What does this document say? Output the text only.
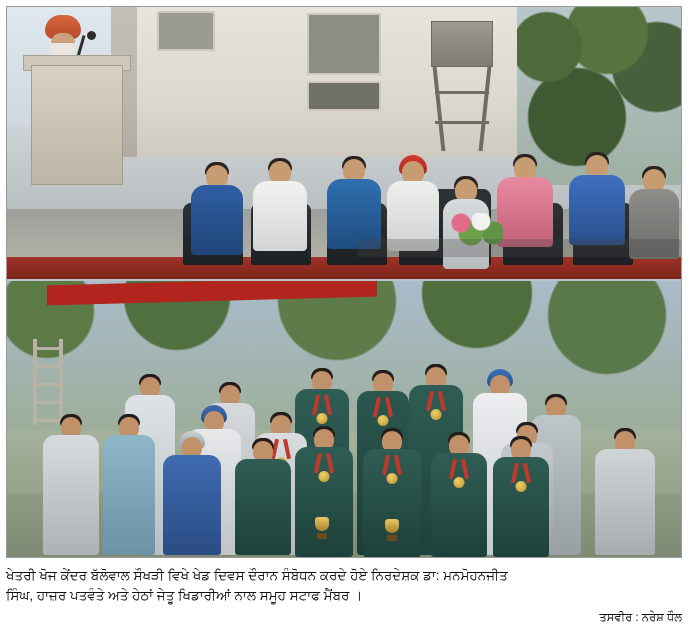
ਖੇਤਰੀ ਖੋਜ ਕੇਂਦਰ ਬੱਲੋਵਾਲ ਸੌਖੜੀ ਵਿਖੇ ਖੇਡ ਦਿਵਸ ਦੌਰਾਨ ਸੰਬੋਧਨ ਕਰਦੇ ਹੋਏ ਨਿਰਦੇਸ਼ਕ ਡਾ: ਮਨਮੋਹਨਜੀਤ
ਸਿੰਘ, ਹਾਜ਼ਰ ਪਤਵੰਤੇ ਅਤੇ ਹੇਠਾਂ ਜੇਤੂ ਖਿਡਾਰੀਆਂ ਨਾਲ ਸਮੂਹ ਸਟਾਫ ਮੈਂਬਰ ।
ਤਸਵੀਰ : ਨਰੇਸ਼ ਧੌਲ
